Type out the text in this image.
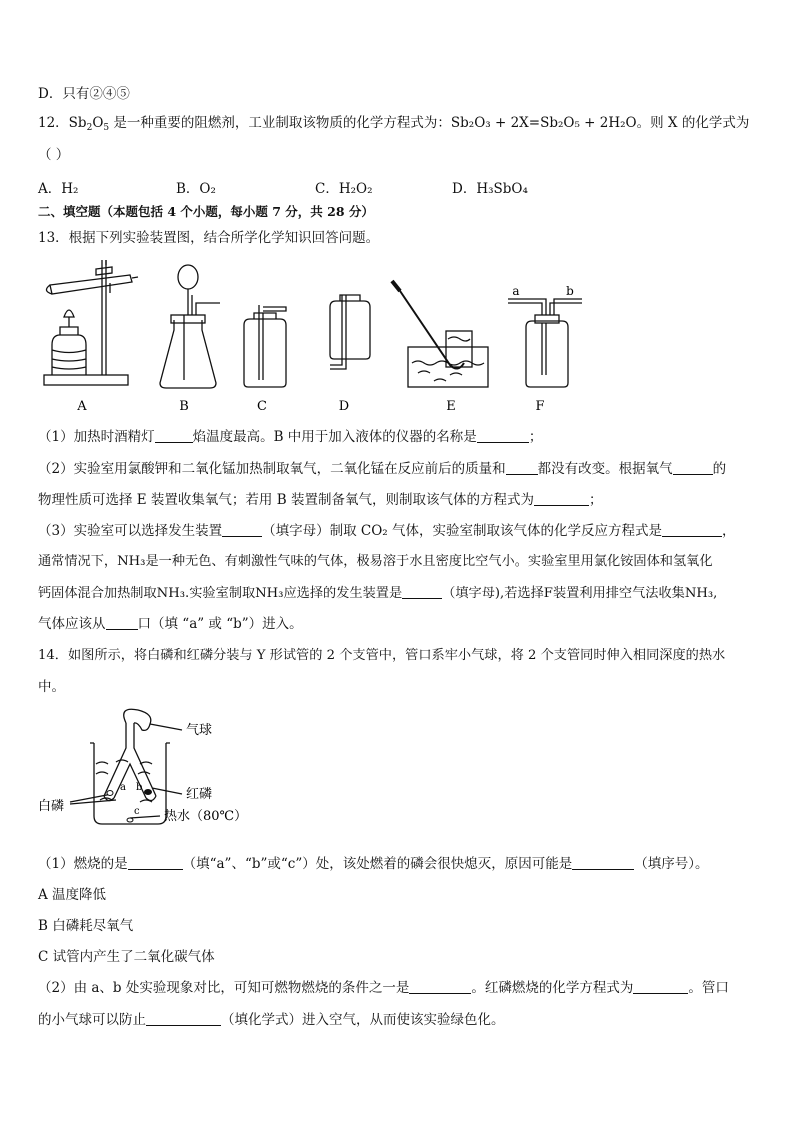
D．只有②④⑤
12．$Sb_2O_5$ 是一种重要的阻燃剂，工业制取该物质的化学方程式为：Sb₂O₃ + 2X=Sb₂O₅ + 2H₂O。则 X 的化学式为
（ ）
A．H₂	B．O₂	C．H₂O₂	D．H₃SbO₄
二、填空题（本题包括 4 个小题，每小题 7 分，共 28 分）
13．根据下列实验装置图，结合所学化学知识回答问题。
A	B	C	D	E	F
a	b
（1）加热时酒精灯	焰温度最高。B 中用于加入液体的仪器的名称是	；
（2）实验室用氯酸钾和二氧化锰加热制取氧气，二氧化锰在反应前后的质量和 都没有改变。根据氧气	的
物理性质可选择 E 装置收集氧气；若用 B 装置制备氧气，则制取该气体的方程式为	；
（3）实验室可以选择发生装置	（填字母）制取 CO₂ 气体，实验室制取该气体的化学反应方程式是	，
通常情况下，NH₃是一种无色、有刺激性气味的气体，极易溶于水且密度比空气小。实验室里用氯化铵固体和氢氧化
钙固体混合加热制取NH₃.实验室制取NH₃应选择的发生装置是	（填字母),若选择F装置利用排空气法收集NH₃,
气体应该从 口（填 “a” 或 “b”）进入。
14．如图所示，将白磷和红磷分装与 Y 形试管的 2 个支管中，管口系牢小气球，将 2 个支管同时伸入相同深度的热水
中。
气球
红磷
白磷
热水（80℃）
a b
c
（1）燃烧的是	（填“a”、“b”或“c”）处，该处燃着的磷会很快熄灭，原因可能是	（填序号）。
A 温度降低
B 白磷耗尽氧气
C 试管内产生了二氧化碳气体
（2）由 a、b 处实验现象对比，可知可燃物燃烧的条件之一是	。红磷燃烧的化学方程式为	。管口
的小气球可以防止	（填化学式）进入空气，从而使该实验绿色化。
